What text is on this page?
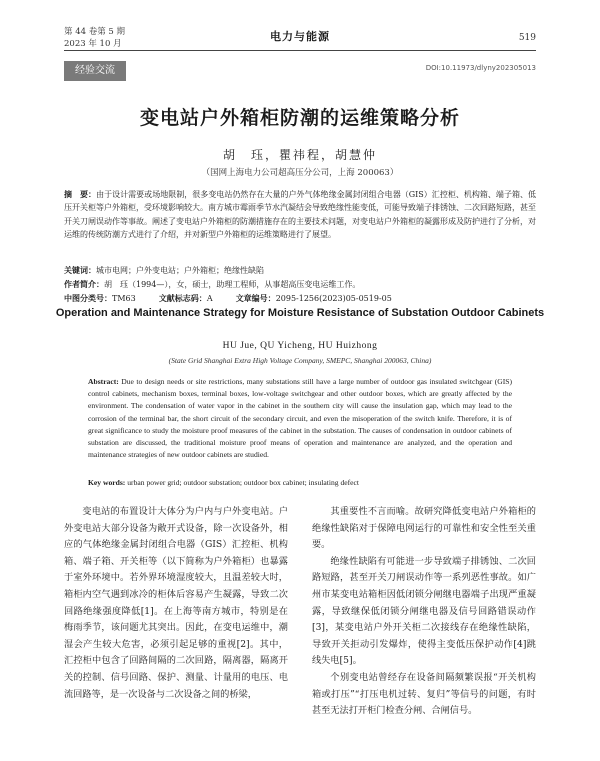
第 44 卷第 5 期
2023 年 10 月
电力与能源	519
经验交流	DOI:10.11973/dlyny202305013
变电站户外箱柜防潮的运维策略分析
胡　珏，瞿祎程，胡慧仲
（国网上海电力公司超高压分公司，上海 200063）
摘　要：由于设计需要或场地限制，很多变电站仍然存在大量的户外气体绝缘金属封闭组合电器（GIS）汇控柜、机构箱、端子箱、低压开关柜等户外箱柜，受环境影响较大。南方城市霉雨季节水汽凝结会导致绝缘性能变低，可能导致端子排锈蚀、二次回路短路，甚至开关刀闸误动作等事故。阐述了变电站户外箱柜的防潮措施存在的主要技术问题，对变电站户外箱柜的凝露形成及防护进行了分析，对运维的传统防潮方式进行了介绍，并对新型户外箱柜的运维策略进行了展望。
关键词：城市电网；户外变电站；户外箱柜；绝缘性缺陷
作者简介：胡　珏（1994—），女，硕士，助理工程师，从事超高压变电运维工作。
中图分类号：TM63	文献标志码：A	文章编号：2095-1256(2023)05-0519-05
Operation and Maintenance Strategy for Moisture Resistance of Substation Outdoor Cabinets
HU Jue, QU Yicheng, HU Huizhong
(State Grid Shanghai Extra High Voltage Company, SMEPC, Shanghai 200063, China)
Abstract: Due to design needs or site restrictions, many substations still have a large number of outdoor gas insulated switchgear (GIS) control cabinets, mechanism boxes, terminal boxes, low-voltage switchgear and other outdoor boxes, which are greatly affected by the environment. The condensation of water vapor in the cabinet in the southern city will cause the insulation gap, which may lead to the corrosion of the terminal bar, the short circuit of the secondary circuit, and even the misoperation of the switch knife. Therefore, it is of great significance to study the moisture proof measures of the cabinet in the substation. The causes of condensation in outdoor cabinets of substation are discussed, the traditional moisture proof means of operation and maintenance are analyzed, and the operation and maintenance strategies of new outdoor cabinets are studied.
Key words: urban power grid; outdoor substation; outdoor box cabinet; insulating defect

变电站的布置设计大体分为户内与户外变电站。户外变电站大部分设备为敞开式设备，除一次设备外，相应的气体绝缘金属封闭组合电器（GIS）汇控柜、机构箱、端子箱、开关柜等（以下简称为户外箱柜）也暴露于室外环境中。若外界环境湿度较大，且温差较大时，箱柜内空气遇到冰冷的柜体后容易产生凝露，导致二次回路绝缘强度降低[1]。在上海等南方城市，特别是在梅雨季节，该问题尤其突出。因此，在变电运维中，潮湿会产生较大危害，必须引起足够的重视[2]。其中，汇控柜中包含了回路间隔的二次回路，隔离器，隔离开关的控制、信号回路、保护、测量、计量用的电压、电流回路等，是一次设备与二次设备之间的桥梁，

其重要性不言而喻。故研究降低变电站户外箱柜的绝缘性缺陷对于保障电网运行的可靠性和安全性至关重要。

绝缘性缺陷有可能进一步导致端子排锈蚀、二次回路短路，甚至开关刀闸误动作等一系列恶性事故。如广州市某变电站箱柜因低闭锁分闸继电器端子出现严重凝露，导致继保低闭锁分闸继电器及信号回路错误动作[3]，某变电站户外开关柜二次接线存在绝缘性缺陷，导致开关拒动引发爆炸，使得主变低压保护动作[4]跳线失电[5]。

个别变电站曾经存在设备间隔频繁误报“开关机构箱或打压”“打压电机过转、复归”等信号的问题，有时甚至无法打开柜门检查分闸、合闸信号。
